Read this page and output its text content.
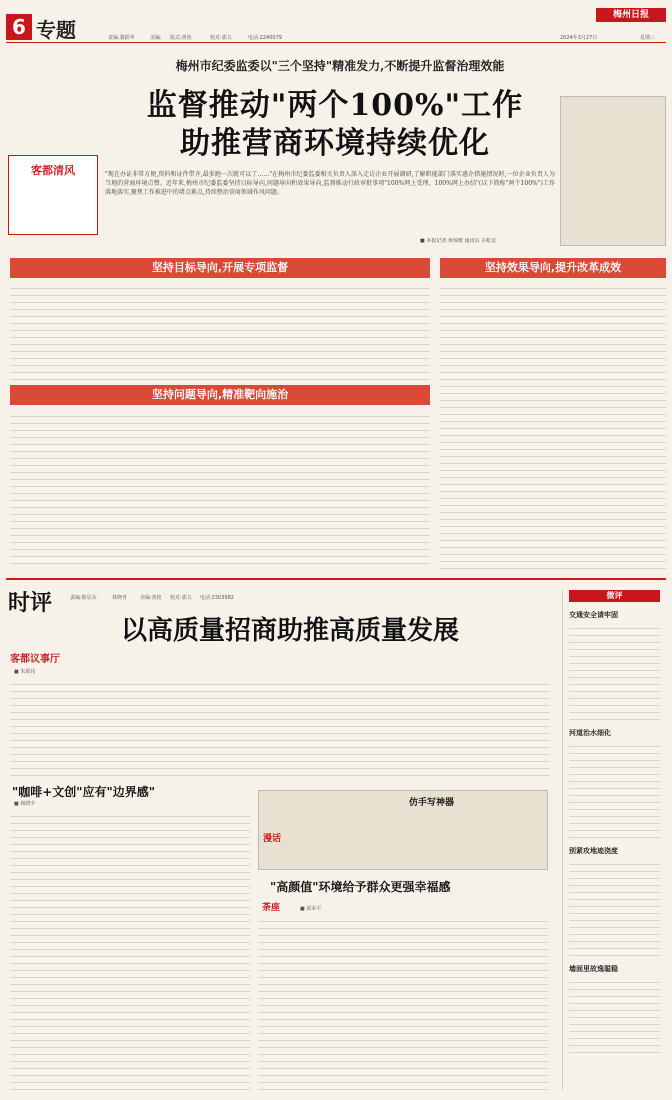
6 专题	责编:骆跃华	美编: 版式:黄艳	校对:郭力	电话:2240079
梅州日报
2024年3月27日	星期三
梅州市纪委监委以"三个坚持"精准发力,不断提升监督治理效能
监督推动"两个100%"工作
助推营商环境持续优化
客都清风	"现在办证非常方便,资料和证件带齐,最多跑一次就可以了……"在梅州市纪委监委相关负责人深入走访企业开展调研,了解职能部门落实惠企措施情况时,一位企业负责人为当地的营商环境点赞。近年来,梅州市纪委监委坚持目标导向,问题导向和效果导向,监督推动行政审批事项"100%网上受理、100%网上办结"(以下简称"两个100%")工作落地落实,聚焦工作推进中的堵点难点,持续整治营商领域作风问题。
■ 本报记者 黄琼媛 通讯员 古屹宜
坚持目标导向,开展专项监督
坚持问题导向,精准靶向施治
坚持效果导向,提升改革成效
时评	责编:陈显东	林晓青	美编:黄艳 校对:郭力 电话:2303982
以高质量招商助推高质量发展
客都议事厅
■ 朱联伟
"咖啡+文创"应有"边界感"
■ 杨晓羊	仿手写神器
漫话
"高颜值"环境给予群众更强幸福感
荼座	■ 邱荣平
微评
交通安全请牢固
河道治水细化
别紧攻地迹浇度
墙面里故逸聪稳
